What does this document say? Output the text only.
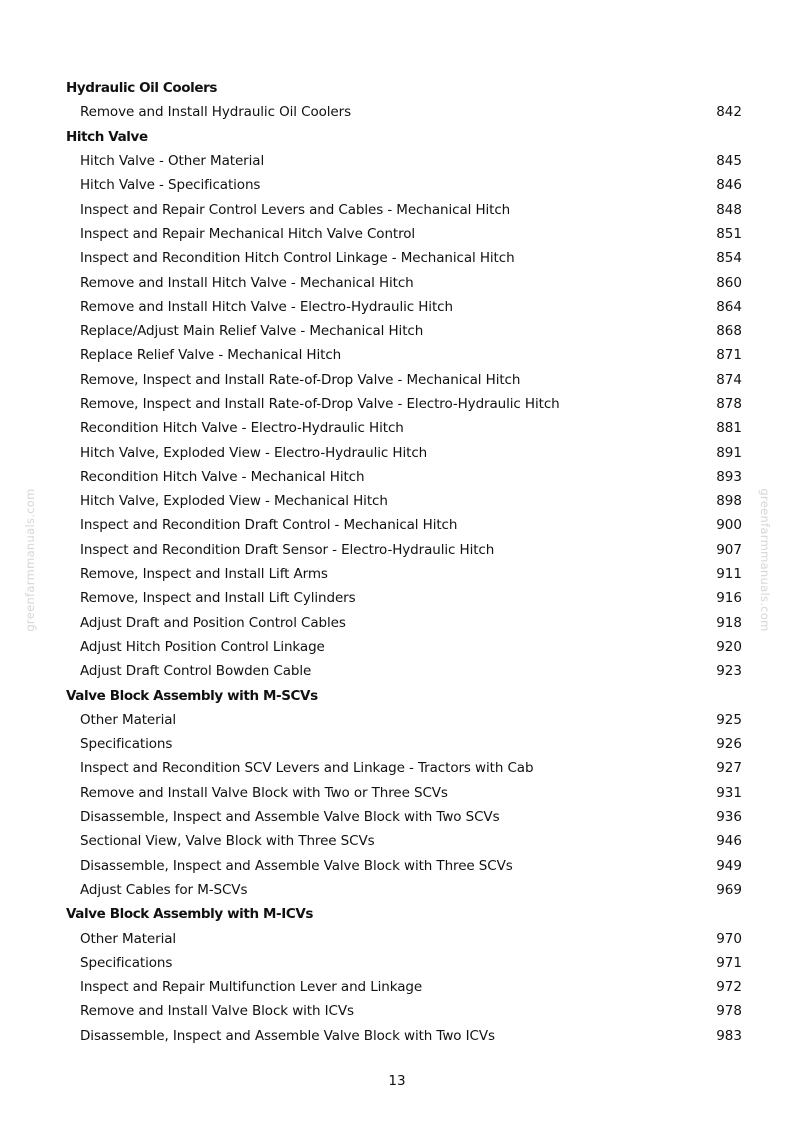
greenfarmmanuals.com	greenfarmmanuals.com
Hydraulic Oil Coolers
Remove and Install Hydraulic Oil Coolers	842
Hitch Valve
Hitch Valve - Other Material	845
Hitch Valve - Specifications	846
Inspect and Repair Control Levers and Cables - Mechanical Hitch	848
Inspect and Repair Mechanical Hitch Valve Control	851
Inspect and Recondition Hitch Control Linkage - Mechanical Hitch	854
Remove and Install Hitch Valve - Mechanical Hitch	860
Remove and Install Hitch Valve - Electro-Hydraulic Hitch	864
Replace/Adjust Main Relief Valve - Mechanical Hitch	868
Replace Relief Valve - Mechanical Hitch	871
Remove, Inspect and Install Rate-of-Drop Valve - Mechanical Hitch	874
Remove, Inspect and Install Rate-of-Drop Valve - Electro-Hydraulic Hitch	878
Recondition Hitch Valve - Electro-Hydraulic Hitch	881
Hitch Valve, Exploded View - Electro-Hydraulic Hitch	891
Recondition Hitch Valve - Mechanical Hitch	893
Hitch Valve, Exploded View - Mechanical Hitch	898
Inspect and Recondition Draft Control - Mechanical Hitch	900
Inspect and Recondition Draft Sensor - Electro-Hydraulic Hitch	907
Remove, Inspect and Install Lift Arms	911
Remove, Inspect and Install Lift Cylinders	916
Adjust Draft and Position Control Cables	918
Adjust Hitch Position Control Linkage	920
Adjust Draft Control Bowden Cable	923
Valve Block Assembly with M-SCVs
Other Material	925
Specifications	926
Inspect and Recondition SCV Levers and Linkage - Tractors with Cab	927
Remove and Install Valve Block with Two or Three SCVs	931
Disassemble, Inspect and Assemble Valve Block with Two SCVs	936
Sectional View, Valve Block with Three SCVs	946
Disassemble, Inspect and Assemble Valve Block with Three SCVs	949
Adjust Cables for M-SCVs	969
Valve Block Assembly with M-ICVs
Other Material	970
Specifications	971
Inspect and Repair Multifunction Lever and Linkage	972
Remove and Install Valve Block with ICVs	978
Disassemble, Inspect and Assemble Valve Block with Two ICVs	983
13
